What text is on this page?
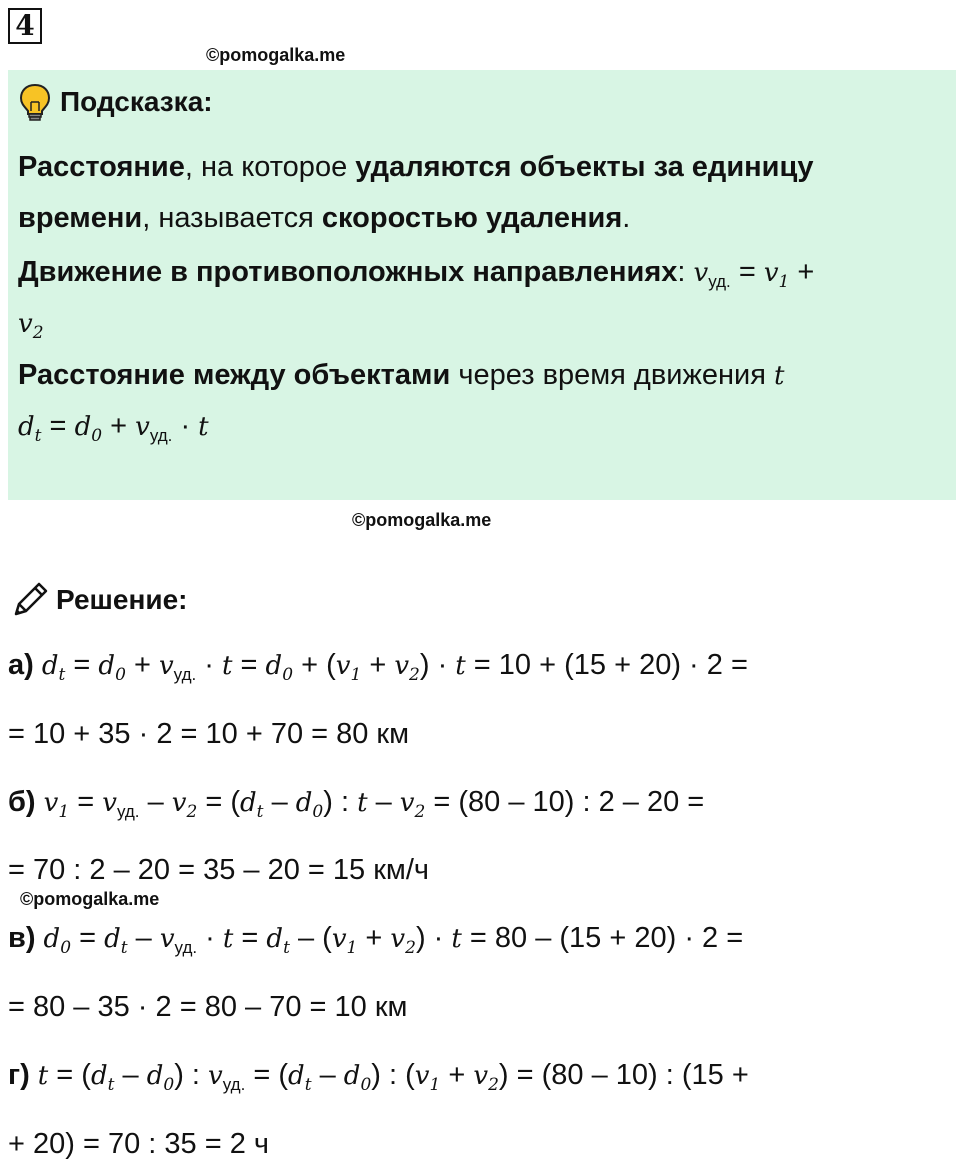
4
©pomogalka.me
Подсказка:
Расстояние, на которое удаляются объекты за единицу
времени, называется скоростью удаления.
Движение в противоположных направлениях: $v_{уд.} = v_1$ +
$v_2$
Расстояние между объектами через время движения t
$d_t = d_0 + v_{уд.} \cdot t$
©pomogalka.me
Решение:
а) $d_t = d_0 + v_{уд.} \cdot t = d_0 + (v_1 + v_2) \cdot t = 10 + (15 + 20) \cdot 2$ =
= 10 + 35 · 2 = 10 + 70 = 80 км
б) $v_1 = v_{уд.} - v_2 = (d_t - d_0)$ : $t - v_2 = (80 - 10)$ : 2 – 20 =
= 70 : 2 – 20 = 35 – 20 = 15 км/ч
©pomogalka.me
в) $d_0 = d_t - v_{уд.} \cdot t = d_t - (v_1 + v_2) \cdot t = 80 - (15 + 20) \cdot 2$ =
= 80 – 35 · 2 = 80 – 70 = 10 км
г) $t = (d_t - d_0)$ : $v_{уд.} = (d_t - d_0)$ : $(v_1 + v_2) = (80 - 10)$ : (15 +
+ 20) = 70 : 35 = 2 ч
